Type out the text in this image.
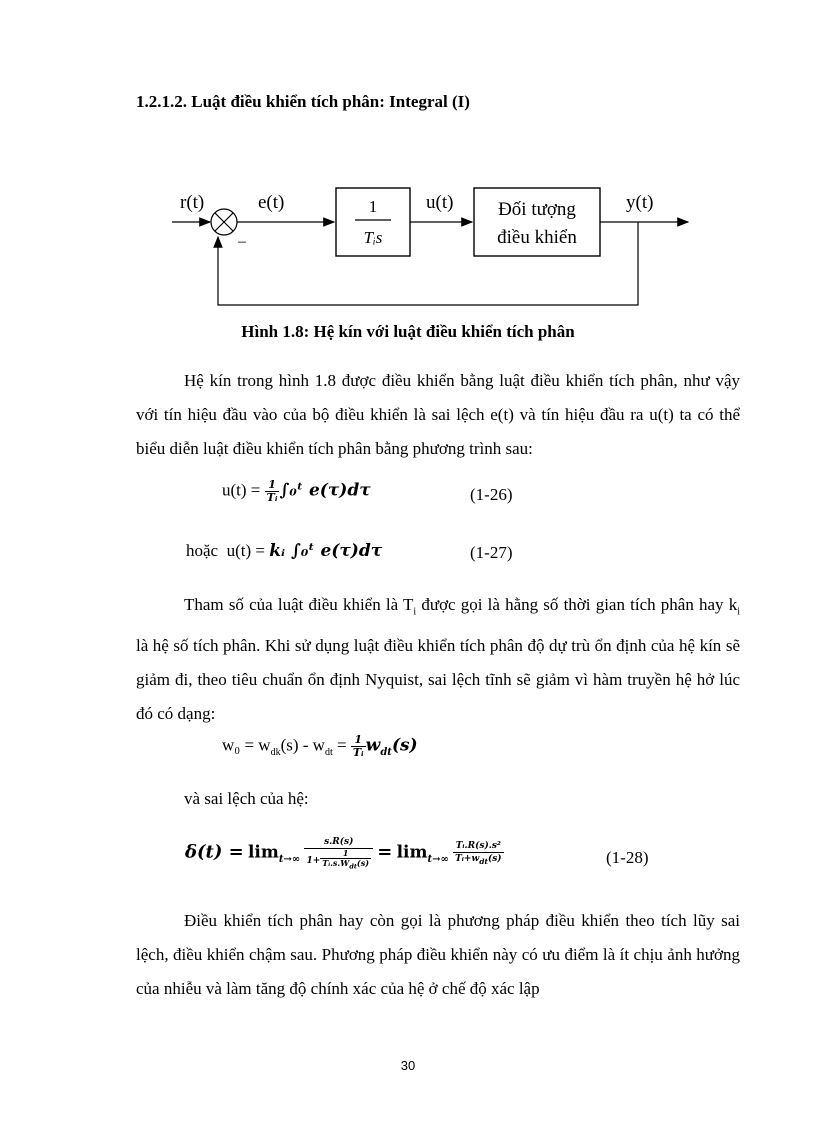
1.2.1.2. Luật điều khiển tích phân: Integral (I)
r(t)
–
e(t)	1
Tᵢs
u(t) Đối tượng
điều khiển
y(t)
Hình 1.8: Hệ kín với luật điều khiển tích phân
Hệ kín trong hình 1.8 được điều khiển bằng luật điều khiển tích phân, như vậy với tín hiệu đầu vào của bộ điều khiển là sai lệch e(t) và tín hiệu đầu ra u(t) ta có thể biểu diễn luật điều khiển tích phân bằng phương trình sau:
$u(t) = \frac{1}{\text{Tᵢ}}$ ∫₀ᵗ e(τ)dτ	(1-26)
hoặc u(t) = kᵢ ∫₀ᵗ e(τ)dτ	(1-27)
Tham số của luật điều khiển là $T_i$ được gọi là hằng số thời gian tích phân hay $k_i$ là hệ số tích phân. Khi sử dụng luật điều khiển tích phân độ dự trù ổn định của hệ kín sẽ giảm đi, theo tiêu chuẩn ổn định Nyquist, sai lệch tĩnh sẽ giảm vì hàm truyền hệ hở lúc đó có dạng:
$w_0 = w_{dk}(s) - w_{dt} = \frac{1}{\text{Tᵢ}} w_{dt}(s)$
và sai lệch của hệ:
$\delta(t) = \lim_{t\to\infty} \frac{s.R(s)}{1+ \frac{1}{Tᵢ.s.W_{dt}(s)}} = \lim_{t\to\infty} \frac{\text{Tᵢ.R(s).s²}}{Tᵢ+w_{dt}(s)}$	(1-28)
Điều khiển tích phân hay còn gọi là phương pháp điều khiển theo tích lũy sai lệch, điều khiển chậm sau. Phương pháp điều khiển này có ưu điểm là ít chịu ảnh hưởng của nhiễu và làm tăng độ chính xác của hệ ở chế độ xác lập
30
